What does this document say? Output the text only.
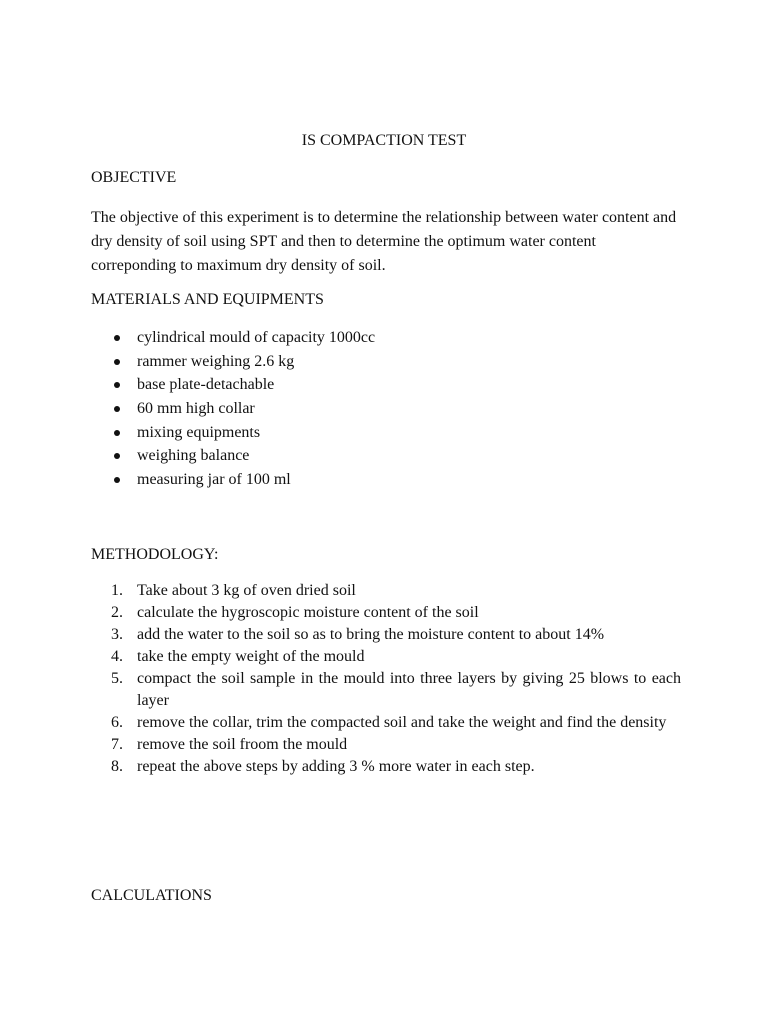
IS COMPACTION TEST
OBJECTIVE

The objective of this experiment is to determine the relationship between water content and dry density of soil using SPT and then to determine the optimum water content correponding to maximum dry density of soil.

MATERIALS AND EQUIPMENTS
cylindrical mould of capacity 1000cc
rammer weighing 2.6 kg
base plate-detachable
60 mm high collar
mixing equipments
weighing balance
measuring jar of 100 ml
METHODOLOGY:
1. Take about 3 kg of oven dried soil
2. calculate the hygroscopic moisture content of the soil
3. add the water to the soil so as to bring the moisture content to about 14%
4. take the empty weight of the mould
5. compact the soil sample in the mould into three layers by giving 25 blows to each layer
6. remove the collar, trim the compacted soil and take the weight and find the density
7. remove the soil froom the mould
8. repeat the above steps by adding 3 % more water in each step.
CALCULATIONS
